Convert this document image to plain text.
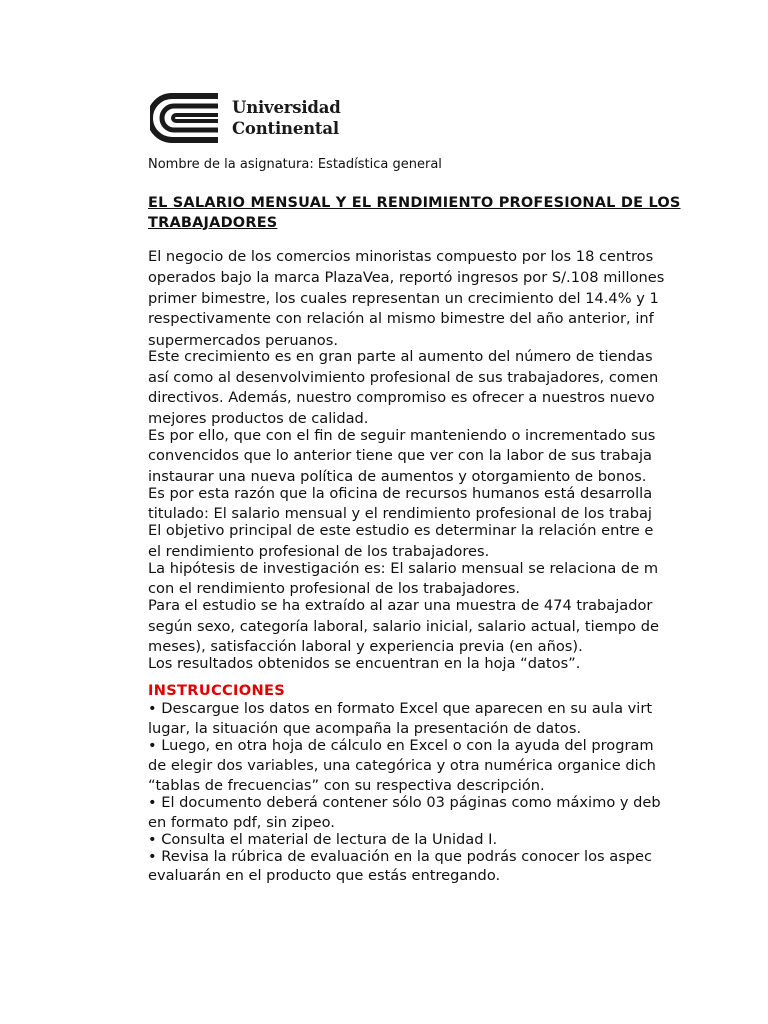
Universidad
Continental
Nombre de la asignatura: Estadística general
EL SALARIO MENSUAL Y EL RENDIMIENTO PROFESIONAL DE LOS
TRABAJADORES
El negocio de los comercios minoristas compuesto por los 18 centros
operados bajo la marca PlazaVea, reportó ingresos por S/.108 millones
primer bimestre, los cuales representan un crecimiento del 14.4% y 1
respectivamente con relación al mismo bimestre del año anterior, inf
supermercados peruanos.
Este crecimiento es en gran parte al aumento del número de tiendas
así como al desenvolvimiento profesional de sus trabajadores, comen
directivos. Además, nuestro compromiso es ofrecer a nuestros nuevo
mejores productos de calidad.
Es por ello, que con el fin de seguir manteniendo o incrementado sus
convencidos que lo anterior tiene que ver con la labor de sus trabaja
instaurar una nueva política de aumentos y otorgamiento de bonos.
Es por esta razón que la oficina de recursos humanos está desarrolla
titulado: El salario mensual y el rendimiento profesional de los trabaj
El objetivo principal de este estudio es determinar la relación entre e
el rendimiento profesional de los trabajadores.
La hipótesis de investigación es: El salario mensual se relaciona de m
con el rendimiento profesional de los trabajadores.
Para el estudio se ha extraído al azar una muestra de 474 trabajador
según sexo, categoría laboral, salario inicial, salario actual, tiempo de
meses), satisfacción laboral y experiencia previa (en años).
Los resultados obtenidos se encuentran en la hoja “datos”.
INSTRUCCIONES
• Descargue los datos en formato Excel que aparecen en su aula virt
lugar, la situación que acompaña la presentación de datos.
• Luego, en otra hoja de cálculo en Excel o con la ayuda del program
de elegir dos variables, una categórica y otra numérica organice dich
“tablas de frecuencias” con su respectiva descripción.
• El documento deberá contener sólo 03 páginas como máximo y deb
en formato pdf, sin zipeo.
• Consulta el material de lectura de la Unidad I.
• Revisa la rúbrica de evaluación en la que podrás conocer los aspec
evaluarán en el producto que estás entregando.
